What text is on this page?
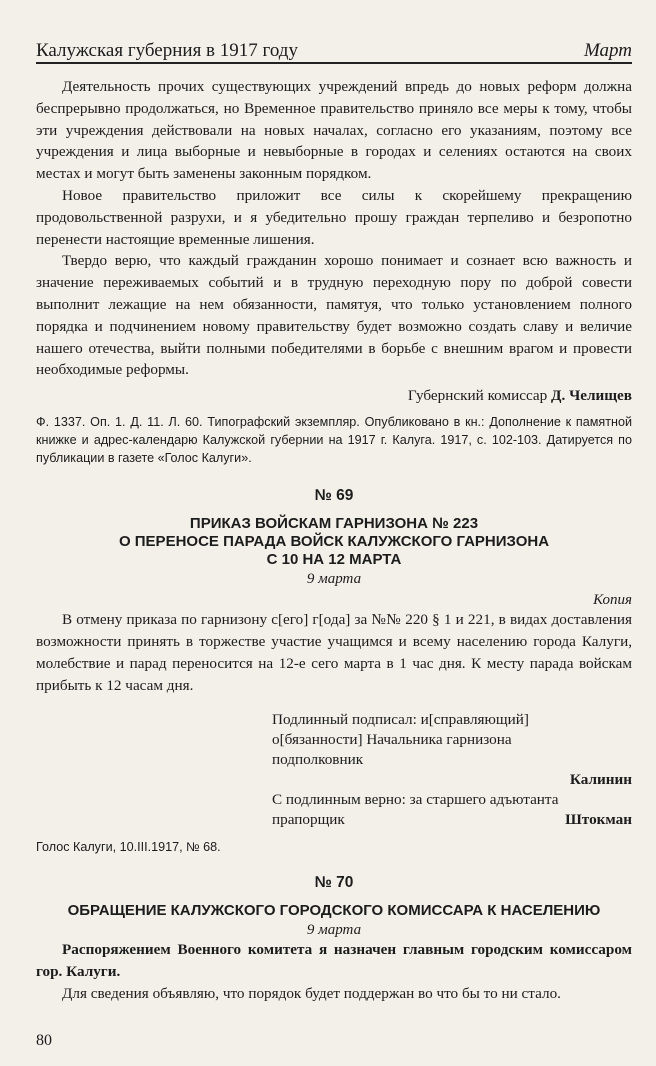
Калужская губерния в 1917 году	Март

Деятельность прочих существующих учреждений впредь до новых реформ должна беспрерывно продолжаться, но Временное правительство приняло все меры к тому, чтобы эти учреждения действовали на новых началах, согласно его указаниям, поэтому все учреждения и лица выборные и невыборные в городах и селениях остаются на своих местах и могут быть заменены законным порядком.

Новое правительство приложит все силы к скорейшему прекращению продовольственной разрухи, и я убедительно прошу граждан терпеливо и безропотно перенести настоящие временные лишения.

Твердо верю, что каждый гражданин хорошо понимает и сознает всю важность и значение переживаемых событий и в трудную переходную пору по доброй совести выполнит лежащие на нем обязанности, памятуя, что только установлением полного порядка и подчинением новому правительству будет возможно создать славу и величие нашего отечества, выйти полными победителями в борьбе с внешним врагом и провести необходимые реформы.

Губернский комиссар Д. Челищев
Ф. 1337. Оп. 1. Д. 11. Л. 60. Типографский экземпляр. Опубликовано в кн.: Дополнение к памятной книжке и адрес-календарю Калужской губернии на 1917 г. Калуга. 1917, с. 102-103. Датируется по публикации в газете «Голос Калуги».
№ 69
ПРИКАЗ ВОЙСКАМ ГАРНИЗОНА № 223
О ПЕРЕНОСЕ ПАРАДА ВОЙСК КАЛУЖСКОГО ГАРНИЗОНА
С 10 НА 12 МАРТА
9 марта
Копия

В отмену приказа по гарнизону с[его] г[ода] за №№ 220 § 1 и 221, в видах доставления возможности принять в торжестве участие учащимся и всему населению города Калуги, молебствие и парад переносится на 12-е сего марта в 1 час дня. К месту парада войскам прибыть к 12 часам дня.

Подлинный подписал: и[справляющий]
о[бязанности] Начальника гарнизона
подполковник
Калинин
С подлинным верно: за старшего адъютанта
прапорщик	Штокман
Голос Калуги, 10.III.1917, № 68.
№ 70
ОБРАЩЕНИЕ КАЛУЖСКОГО ГОРОДСКОГО КОМИССАРА К НАСЕЛЕНИЮ
9 марта

Распоряжением Военного комитета я назначен главным городским комиссаром гор. Калуги.

Для сведения объявляю, что порядок будет поддержан во что бы то ни стало.

80
